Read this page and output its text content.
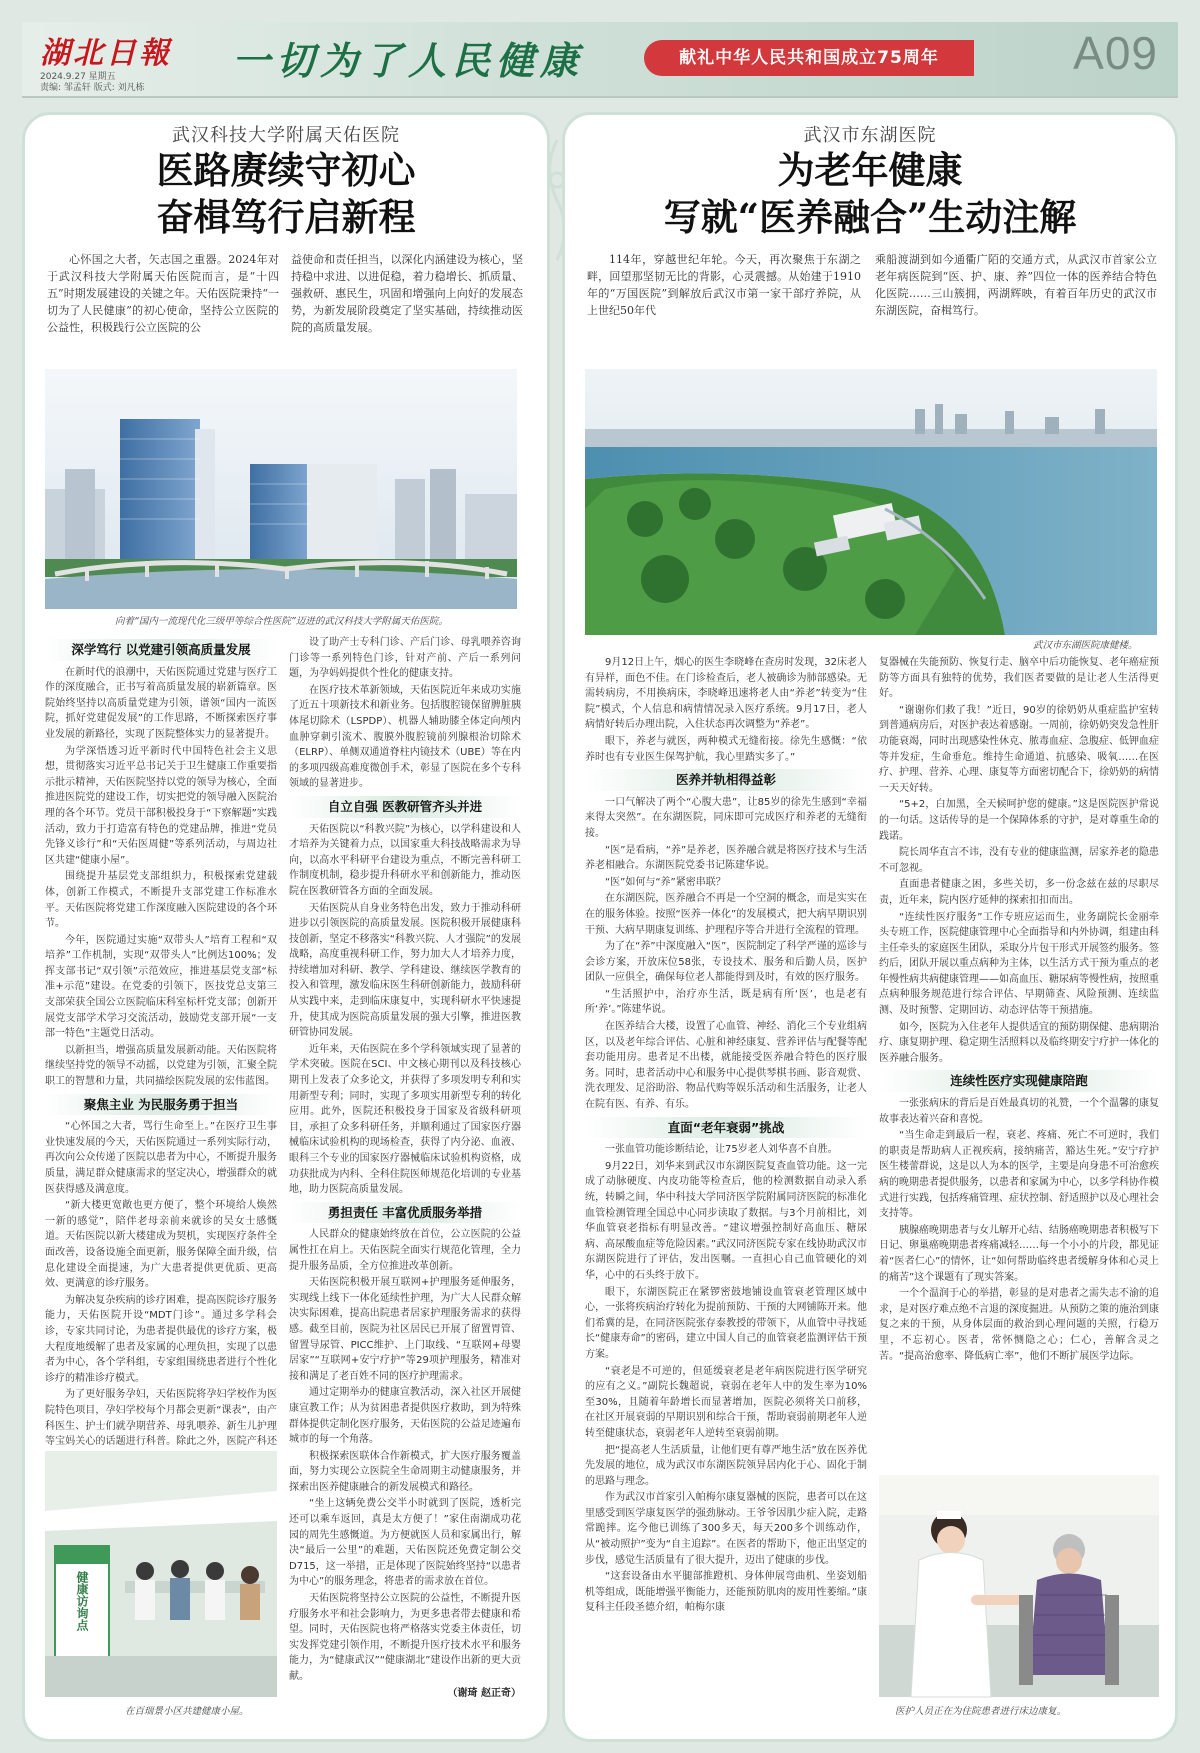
湖北日報
2024.9.27 星期五
责编: 邹孟轩 版式: 刘凡栋
一切为了人民健康	献礼中华人民共和国成立75周年	A09
武汉科技大学附属天佑医院
医路赓续守初心
奋楫笃行启新程

心怀国之大者，矢志国之重器。2024年对于武汉科技大学附属天佑医院而言，是“十四五”时期发展建设的关键之年。天佑医院秉持“一切为了人民健康”的初心使命，坚持公立医院的公益性，积极践行公立医院的公

益使命和责任担当，以深化内涵建设为核心，坚持稳中求进、以进促稳，着力稳增长、抓质量、强救研、惠民生，巩固和增强向上向好的发展态势，为新发展阶段奠定了坚实基础，持续推动医院的高质量发展。

向着“国内一流现代化三级甲等综合性医院”迈进的武汉科技大学附属天佑医院。
深学笃行 以党建引领高质量发展

在新时代的浪潮中，天佑医院通过党建与医疗工作的深度融合，正书写着高质量发展的崭新篇章。医院始终坚持以高质量党建为引领，谱领“国内一流医院，抓好党建促发展”的工作思路，不断探索医疗事业发展的新路径，实现了医院整体实力的显著提升。

为学深悟透习近平新时代中国特色社会主义思想，贯彻落实习近平总书记关于卫生健康工作重要指示批示精神，天佑医院坚持以党的领导为核心，全面推进医院党的建设工作，切实把党的领导融入医院治理的各个环节。党员干部积极投身于“下察解题”实践活动，致力于打造富有特色的党建品牌，推进“党员先锋义诊行”和“天佑医周健”等系列活动，与周边社区共建“健康小屋”。

围绕提升基层党支部组织力，积极探索党建载体，创新工作模式，不断提升支部党建工作标准水平。天佑医院将党建工作深度融入医院建设的各个环节。

今年，医院通过实施“双带头人”培育工程和“双培养”工作机制，实现“双带头人”比例达100%；发挥支部书记“双引领”示范效应，推进基层党支部“标准+示范”建设。在党委的引领下，医技党总支第三支部荣获全国公立医院临床科室标杆党支部；创新开展党支部学术学习交流活动，鼓励党支部开展“一支部一特色”主题党日活动。

以新担当，增强高质量发展新动能。天佑医院将继续坚持党的领导不动摇，以党建为引领，汇聚全院职工的智慧和力量，共同描绘医院发展的宏伟蓝图。

聚焦主业 为民服务勇于担当

“心怀国之大者，骂行生命至上。”在医疗卫生事业快速发展的今天，天佑医院通过一系列实际行动，再次向公众传递了医院以患者为中心，不断提升服务质量，满足群众健康需求的坚定决心，增强群众的就医获得感及满意度。

“新大楼更宽敞也更方便了，整个环境给人焕然一新的感觉”，陪伴老母亲前来就诊的吴女士感慨道。天佑医院以新大楼建成为契机，实现医疗条件全面改善，设备设施全面更新，服务保障全面升级，信息化建设全面提速，为广大患者提供更优质、更高效、更满意的诊疗服务。

为解决复杂疾病的诊疗困难，提高医院诊疗服务能力，天佑医院开设“MDT门诊”。通过多学科会诊，专家共同讨论，为患者提供最优的诊疗方案，极大程度地缓解了患者及家属的心理负担，实现了以患者为中心，各个学科组，专家组围绕患者进行个性化诊疗的精准诊疗模式。

为了更好服务孕妇，天佑医院将孕妇学校作为医院特色项目，孕妇学校每个月都会更新“课表”，由产科医生、护士们就孕期营养、母乳喂养、新生儿护理等宝妈关心的话题进行科普。除此之外，医院产科还

健康访询点
在百瑞景小区共建健康小屋。

设了助产士专科门诊、产后门诊、母乳喂养咨询门诊等一系列特色门诊，针对产前、产后一系列问题，为孕妈妈提供个性化的健康支持。

在医疗技术革新领域，天佑医院近年来成功实施了近五十项新技术和新业务。包括腹腔镜保留脾脏胰体尾切除术（LSPDP）、机器人辅助膝全体定向颅内血肿穿刺引流术、腹膜外腹腔镜前列腺根治切除术（ELRP）、单侧双通道脊柱内镜技术（UBE）等在内的多项四级高难度微创手术，彰显了医院在多个专科领域的显著进步。

自立自强 医教研管齐头并进

天佑医院以“科教兴院”为核心，以学科建设和人才培养为关键着力点，以国家重大科技战略需求为导向，以高水平科研平台建设为重点，不断完善科研工作制度机制，稳步提升科研水平和创新能力，推动医院在医教研管各方面的全面发展。

天佑医院从自身业务特色出发，致力于推动科研进步以引领医院的高质量发展。医院积极开展健康科技创新，坚定不移落实“科教兴院、人才强院”的发展战略，高度重视科研工作，努力加大人才培养力度，持续增加对科研、教学、学科建设、继续医学教育的投入和管理，激发临床医生科研创新能力，鼓励科研从实践中来，走到临床康复中，实现科研水平快速提升，使其成为医院高质量发展的强大引擎，推进医教研管协同发展。

近年来，天佑医院在多个学科领域实现了显著的学术突破。医院在SCI、中文核心期刊以及科技核心期刊上发表了众多论文，并获得了多项发明专利和实用新型专利；同时，实现了多项实用新型专利的转化应用。此外，医院还积极投身于国家及省级科研项目，承担了众多科研任务，并顺利通过了国家医疗器械临床试验机构的现场检查，获得了内分泌、血液、眼科三个专业的国家医疗器械临床试验机构资格，成功获批成为内科、全科住院医师规范化培训的专业基地，助力医院高质量发展。

勇担责任 丰富优质服务举措

人民群众的健康始终放在首位，公立医院的公益属性扛在肩上。天佑医院全面实行规范化管理，全力提升服务品质，全方位推进改革创新。

天佑医院积极开展互联网+护理服务延伸服务，实现线上线下一体化延续性护理，为广大人民群众解决实际困难，提高出院患者居家护理服务需求的获得感。截至目前，医院为社区居民已开展了留置胃管、留置导尿管、PICC维护、上门取线、“互联网+母婴居家”“互联网+安宁疗护”等29项护理服务，精准对接和满足了老百姓不同的医疗护理需求。

通过定期举办的健康宣教活动，深入社区开展健康宣教工作；从为贫困患者提供医疗救助，到为特殊群体提供定制化医疗服务，天佑医院的公益足迹遍布城市的每一个角落。

积极探索医联体合作新模式，扩大医疗服务覆盖面，努力实现公立医院全生命周期主动健康服务，并探索出医养健康融合的新发展模式和路径。

“坐上这辆免费公交半小时就到了医院，透析完还可以乘车返回，真是太方便了！”家住南湖成功花园的周先生感慨道。为方便就医人员和家属出行，解决“最后一公里”的难题，天佑医院还免费定制公交D715，这一举措，正是体现了医院始终坚持“以患者为中心”的服务理念，将患者的需求放在首位。

天佑医院将坚持公立医院的公益性，不断提升医疗服务水平和社会影响力，为更多患者带去健康和希望。同时，天佑医院也将严格落实党委主体责任，切实发挥党建引领作用，不断提升医疗技术水平和服务能力，为“健康武汉”“健康湖北”建设作出新的更大贡献。

（谢琦 赵正奇）
武汉市东湖医院
为老年健康
写就“医养融合”生动注解

114年，穿越世纪年轮。今天，再次聚焦于东湖之畔，回望那坚韧无比的背影，心灵震撼。从始建于1910年的“万国医院”到解放后武汉市第一家干部疗养院，从上世纪50年代

乘船渡湖到如今通衢广陌的交通方式，从武汉市首家公立老年病医院到“医、护、康、养”四位一体的医养结合特色化医院……三山簇拥，两湖辉映，有着百年历史的武汉市东湖医院，奋楫笃行。

武汉市东湖医院康健楼。

9月12日上午，烟心的医生李晓峰在查房时发现，32床老人有异样，面色不佳。在门诊检查后，老人被确诊为肺部感染。无需转病房，不用换病床，李晓峰迅速将老人由“养老”转变为“住院”模式，个人信息和病情情况录入医疗系统。9月17日，老人病情好转后办理出院，入住状态再次调整为“养老”。

眼下，养老与就医，两种模式无缝衔接。徐先生感慨：“依养时也有专业医生保驾护航，我心里踏实多了。”

医养并轨相得益彰

一口气解决了两个“心腹大患”，让85岁的徐先生感到“幸福来得太突然”。在东湖医院，同床即可完成医疗和养老的无缝衔接。

“医”是看病，“养”是养老，医养融合就是将医疗技术与生活养老相融合。东湖医院党委书记陈建华说。

“医”如何与“养”紧密串联？

在东湖医院，医养融合不再是一个空洞的概念，而是实实在在的服务体验。按照“医养一体化”的发展模式，把大病早期识别干预、大病早期康复训练、护理程序等合并进行全流程的管理。

为了在“养”中深度融入“医”，医院制定了科学严谨的巡诊与会诊方案，开放床位58张，专设技术、服务和后勤人员，医护团队一应俱全，确保每位老人都能得到及时，有效的医疗服务。

“生活照护中，治疗亦生活，既是病有所‘医’，也是老有所‘养’。”陈建华说。

在医养结合大楼，设置了心血管、神经、消化三个专业组病区，以及老年综合评估、心脏和神经康复、营养评估与配餐等配套功能用房。患者足不出楼，就能接受医养融合特色的医疗服务。同时，患者活动中心和服务中心提供琴棋书画、影音观赏、洗衣理发、足浴助浴、物品代购等娱乐活动和生活服务，让老人在院有医、有养、有乐。

直面“老年衰弱”挑战

一张血管功能诊断结论，让75岁老人刘华喜不自胜。

9月22日，刘华来到武汉市东湖医院复查血管功能。这一完成了动脉硬度、内皮功能等检查后，他的检测数据自动录入系统，转瞬之间，华中科技大学同济医学院附属同济医院的标准化血管检测管理全国总中心同步读取了数据。与3个月前相比，刘华血管衰老指标有明显改善。“建议增强控制好高血压、糖尿病、高尿酸血症等危险因素。”武汉同济医院专家在线协助武汉市东湖医院进行了评估，发出医嘱。一直担心自己血管硬化的刘华，心中的石头终于放下。

眼下，东湖医院正在紧锣密鼓地铺设血管衰老管理区域中心，一张将疾病治疗转化为提前预防、干预的大网铺陈开来。他们希冀的是，在同济医院张存泰教授的带领下，从血管中寻找延长“健康寿命”的密码，建立中国人自己的血管衰老监测评估干预方案。

“衰老是不可逆的，但延缓衰老是老年病医院进行医学研究的应有之义。”副院长魏超说，衰弱在老年人中的发生率为10%至30%，且随着年龄增长而显著增加，医院必须将关口前移，在社区开展衰弱的早期识别和综合干预，帮助衰弱前期老年人逆转至健康状态，衰弱老年人逆转至衰弱前期。

把“提高老人生活质量，让他们更有尊严地生活”放在医养优先发展的地位，成为武汉市东湖医院领异居内化于心、固化于制的思路与理念。

作为武汉市首家引入帕梅尔康复器械的医院，患者可以在这里感受到医学康复医学的强劲脉动。王爷爷因肌少症入院，走路常跪摔。迄今他已训练了300多天，每天200多个训练动作，从“被动照护”变为“自主追踪”。在医者的帮助下，他正出坚定的步伐，感觉生活质量有了很大提升，迈出了健康的步伐。

“这套设备由水平腿部推蹬机、身体伸展弯曲机、坐姿划船机等组成，既能增强平衡能力，还能预防肌肉的废用性萎缩。”康复科主任段圣德介绍，帕梅尔康

复器械在失能预防、恢复行走、脑卒中后功能恢复、老年癌症预防等方面具有独特的优势，我们医者要做的是让老人生活得更好。

“谢谢你们救了我！”近日，90岁的徐奶奶从重症监护室转到普通病房后，对医护表达着感谢。一周前，徐奶奶突发急性肝功能衰竭，同时出现感染性休克、脓毒血症、急腹症、低钾血症等并发症，生命垂危。维持生命通道、抗感染、吸氧……在医疗、护理、营养、心理、康复等方面密切配合下，徐奶奶的病情一天天好转。

“5+2，白加黑，全天候呵护您的健康。”这是医院医护常说的一句话。这话传导的是一个保障体系的守护，是对尊重生命的践诺。

院长周华直言不讳，没有专业的健康监测，居家养老的隐患不可忽视。

直面患者健康之困，多些关切，多一份念兹在兹的尽职尽责，近年来，院内医疗延伸的探索扣扣而出。

“连续性医疗服务”工作专班应运而生，业务副院长金丽牵头专班工作，医院健康管理中心全面指导和内外协调，组建由科主任牵头的家庭医生团队，采取分片包干形式开展签约服务。签约后，团队开展以重点病种为主体，以生活方式干预为重点的老年慢性病共病健康管理——如高血压、糖尿病等慢性病，按照重点病种服务规范进行综合评估、早期筛查、风险预测、连续监测、及时预警、定期回访、动态评估等干预措施。

如今，医院为入住老年人提供适宜的预防期保健、患病期治疗、康复期护理、稳定期生活照料以及临终期安宁疗护一体化的医养融合服务。

连续性医疗实现健康陪跑

一张张病床的背后是百姓最真切的礼赞，一个个温馨的康复故事表达着兴奋和喜悦。

“当生命走到最后一程，衰老、疼痛、死亡不可逆时，我们的职责是帮助病人正视疾病，接纳痛苦，豁达生死。”安宁疗护医生楼蕾群说，这是以人为本的医学，主要是向身患不可治愈疾病的晚期患者提供服务，以患者和家属为中心，以多学科协作模式进行实践，包括疼痛管理、症状控制、舒适照护以及心理社会支持等。

胰腺癌晚期患者与女儿解开心结、结肠癌晚期患者积极写下日记、卵巢癌晚期患者疼痛减轻……每一个小小的片段，都见证着“医者仁心”的情怀，让“如何帮助临终患者缓解身体和心灵上的痛苦”这个课题有了现实答案。

一个个温润于心的举措，彰显的是对患者之需失志不渝的追求，是对医疗难点绝不言退的深度掘进。从预防之策的施治到康复之来的干预，从身体层面的救治到心理问题的关照，行稳万里，不忘初心。医者，常怀恻隐之心；仁心，善解含灵之苦。“提高治愈率、降低病亡率”，他们不断扩展医学边际。

医护人员正在为住院患者进行床边康复。
